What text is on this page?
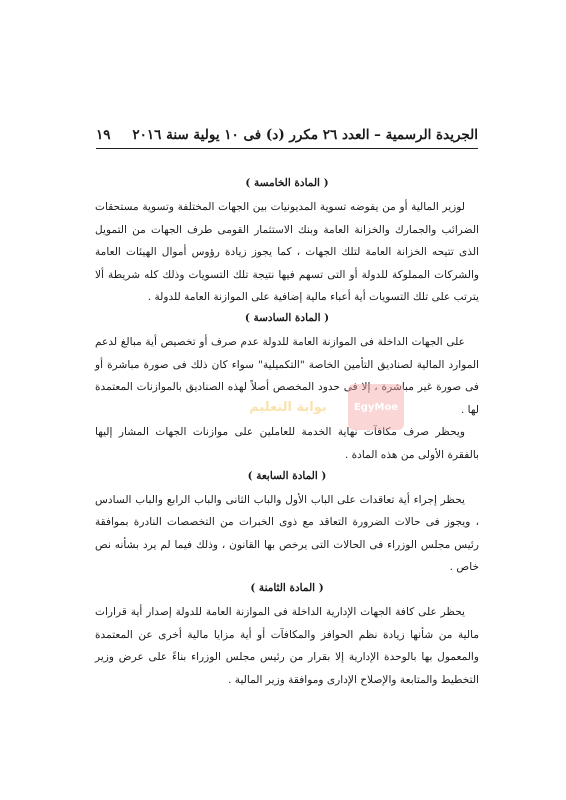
الجريدة الرسمية – العدد ٢٦ مكرر (د) فى ١٠ يولية سنة ٢٠١٦
١٩
( المادة الخامسة )

لوزير المالية أو من يفوضه تسوية المديونيات بين الجهات المختلفة وتسوية مستحقات الضرائب والجمارك والخزانة العامة وبنك الاستثمار القومى طرف الجهات من التمويل الذى تتيحه الخزانة العامة لتلك الجهات ، كما يجوز زيادة رؤوس أموال الهيئات العامة والشركات المملوكة للدولة أو التى تسهم فيها نتيجة تلك التسويات وذلك كله شريطة ألا يترتب على تلك التسويات أية أعباء مالية إضافية على الموازنة العامة للدولة .

( المادة السادسة )

على الجهات الداخلة فى الموازنة العامة للدولة عدم صرف أو تخصيص أية مبالغ لدعم الموارد المالية لصناديق التأمين الخاصة "التكميلية" سواء كان ذلك فى صورة مباشرة أو فى صورة غير مباشرة ، إلا فى حدود المخصص أصلاً لهذه الصناديق بالموازنات المعتمدة لها .

ويحظر صرف مكافآت نهاية الخدمة للعاملين على موازنات الجهات المشار إليها بالفقرة الأولى من هذه المادة .

( المادة السابعة )

يحظر إجراء أية تعاقدات على الباب الأول والباب الثانى والباب الرابع والباب السادس ، ويجوز فى حالات الضرورة التعاقد مع ذوى الخبرات من التخصصات النادرة بموافقة رئيس مجلس الوزراء فى الحالات التى يرخص بها القانون ، وذلك فيما لم يرد بشأنه نص خاص .

( المادة الثامنة )

يحظر على كافة الجهات الإدارية الداخلة فى الموازنة العامة للدولة إصدار أية قرارات مالية من شأنها زيادة نظم الحوافز والمكافآت أو أية مزايا مالية أخرى عن المعتمدة والمعمول بها بالوحدة الإدارية إلا بقرار من رئيس مجلس الوزراء بناءً على عرض وزير التخطيط والمتابعة والإصلاح الإدارى وموافقة وزير المالية .

EgyMoe
بوابة التعليم
